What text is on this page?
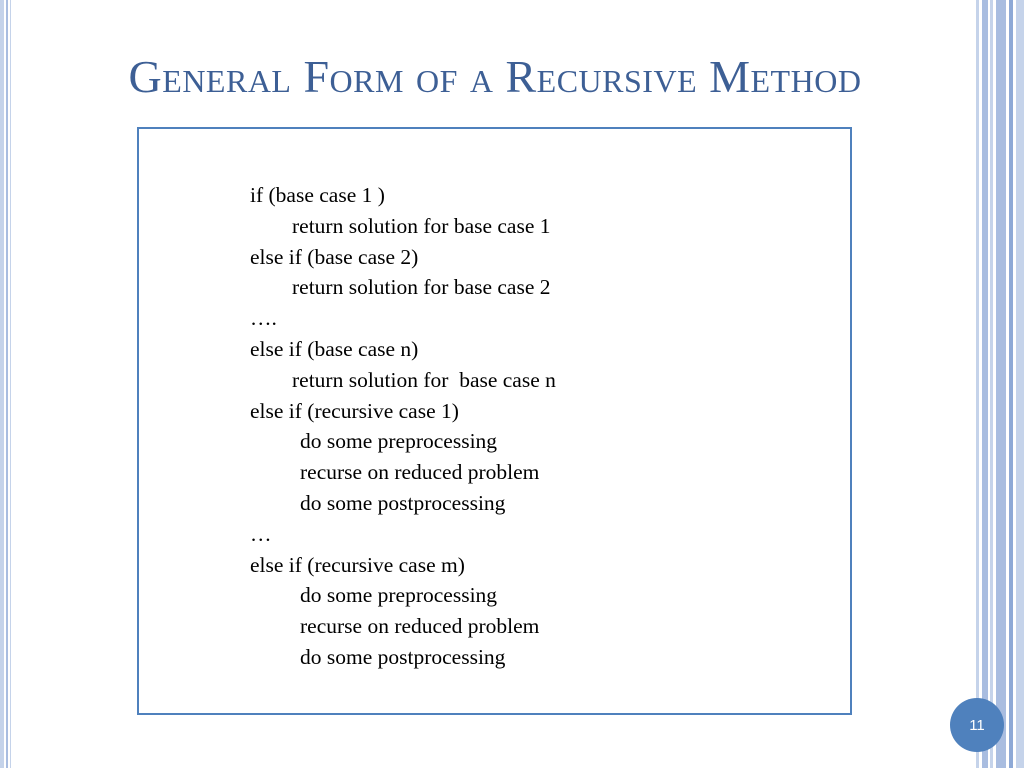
General Form of a Recursive Method
if (base case 1 )
return solution for base case 1
else if (base case 2)
return solution for base case 2
….
else if (base case n)
return solution for  base case n
else if (recursive case 1)
do some preprocessing
recurse on reduced problem
do some postprocessing
…
else if (recursive case m)
do some preprocessing
recurse on reduced problem
do some postprocessing
11
